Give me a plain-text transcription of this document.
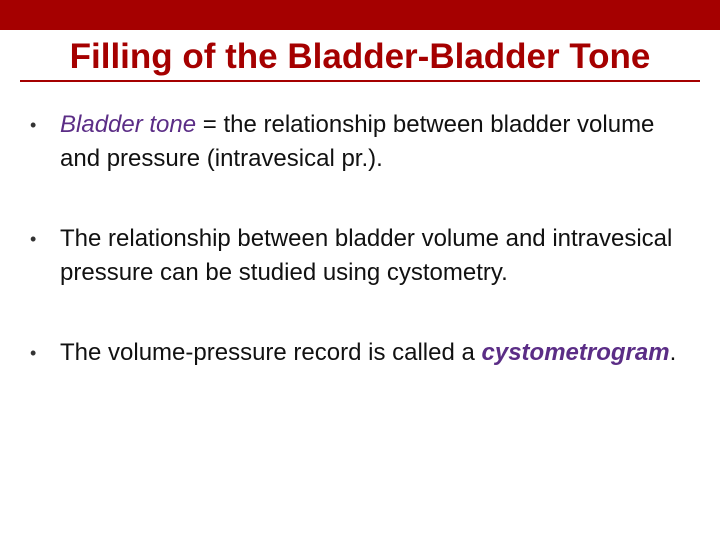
Filling of the Bladder-Bladder Tone
• Bladder tone = the relationship between bladder volume and pressure (intravesical pr.).
• The relationship between bladder volume and intravesical pressure can be studied using cystometry.
• The volume-pressure record is called a cystometrogram.
